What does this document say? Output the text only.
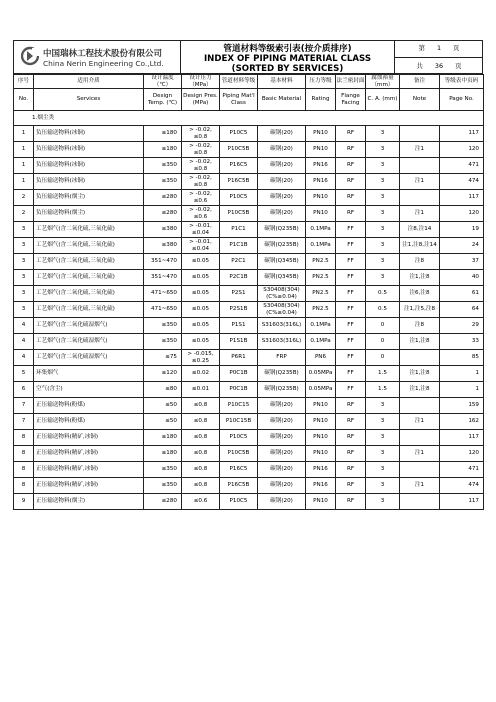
中国瑞林工程技术股份有限公司
China Nerin Engineering Co.,Ltd.
管道材料等级索引表(按介质排序)
INDEX OF PIPING MATERIAL CLASS
(SORTED BY SERVICES)
第 1 页
共 36 页
序号	适用介质	设计温度（℃）	设计压力（MPa）	管道材料等级	基本材料	压力等级	法兰密封面	腐蚀裕量（mm）	备注	等级表中页码
No.	Services	Design Temp. (℃)	Design Pres. (MPa)	Piping Mat'l Class	Basic Material	Rating	Flange Facing	C. A. (mm)	Note	Page No.
1.烟尘类										
1	负压输送物料(冰铜)	≤180	> -0.02, ≤0.8	P10C5	碳钢(20)	PN10	RF	3		117
1	负压输送物料(冰铜)	≤180	> -0.02, ≤0.8	P10C5B	碳钢(20)	PN10	RF	3	注1	120
1	负压输送物料(冰铜)	≤350	> -0.02, ≤0.8	P16C5	碳钢(20)	PN16	RF	3		471
1	负压输送物料(冰铜)	≤350	> -0.02, ≤0.8	P16C5B	碳钢(20)	PN16	RF	3	注1	474
2	负压输送物料(烟尘)	≤280	> -0.02, ≤0.6	P10C5	碳钢(20)	PN10	RF	3		117
2	负压输送物料(烟尘)	≤280	> -0.02, ≤0.6	P10C5B	碳钢(20)	PN10	RF	3	注1	120
3	工艺烟气(含二氧化硫,三氧化硫)	≤380	> -0.01, ≤0.04	P1C1	碳钢(Q235B)	0.1MPa	FF	3	注8,注14	19
3	工艺烟气(含二氧化硫,三氧化硫)	≤380	> -0.01, ≤0.04	P1C1B	碳钢(Q235B)	0.1MPa	FF	3	注1,注8,注14	24
3	工艺烟气(含二氧化硫,三氧化硫)	351~470	≤0.05	P2C1	碳钢(Q345B)	PN2.5	FF	3	注8	37
3	工艺烟气(含二氧化硫,三氧化硫)	351~470	≤0.05	P2C1B	碳钢(Q345B)	PN2.5	FF	3	注1,注8	40
3	工艺烟气(含二氧化硫,三氧化硫)	471~650	≤0.05	P2S1	S30408(304)(C%≥0.04)	PN2.5	FF	0.5	注6,注8	61
3	工艺烟气(含二氧化硫,三氧化硫)	471~650	≤0.05	P2S1B	S30408(304)(C%≥0.04)	PN2.5	FF	0.5	注1,注5,注8	64
4	工艺烟气(含二氧化硫湿烟气)	≤350	≤0.05	P1S1	S31603(316L)	0.1MPa	FF	0	注8	29
4	工艺烟气(含二氧化硫湿烟气)	≤350	≤0.05	P1S1B	S31603(316L)	0.1MPa	FF	0	注1,注8	33
4	工艺烟气(含二氧化硫湿烟气)	≤75	> -0.015, ≤0.25	P6R1	FRP	PN6	FF	0		85
5	环集烟气	≤120	≤0.02	P0C1B	碳钢(Q235B)	0.05MPa	FF	1.5	注1,注8	1
6	空气(含尘)	≤80	≤0.01	P0C1B	碳钢(Q235B)	0.05MPa	FF	1.5	注1,注8	1
7	正压输送物料(粉煤)	≤50	≤0.8	P10C15	碳钢(20)	PN10	RF	3		159
7	正压输送物料(粉煤)	≤50	≤0.8	P10C15B	碳钢(20)	PN10	RF	3	注1	162
8	正压输送物料(精矿,冰铜)	≤180	≤0.8	P10C5	碳钢(20)	PN10	RF	3		117
8	正压输送物料(精矿,冰铜)	≤180	≤0.8	P10C5B	碳钢(20)	PN10	RF	3	注1	120
8	正压输送物料(精矿,冰铜)	≤350	≤0.8	P16C5	碳钢(20)	PN16	RF	3		471
8	正压输送物料(精矿,冰铜)	≤350	≤0.8	P16C5B	碳钢(20)	PN16	RF	3	注1	474
9	正压输送物料(烟尘)	≤280	≤0.6	P10C5	碳钢(20)	PN10	RF	3		117
